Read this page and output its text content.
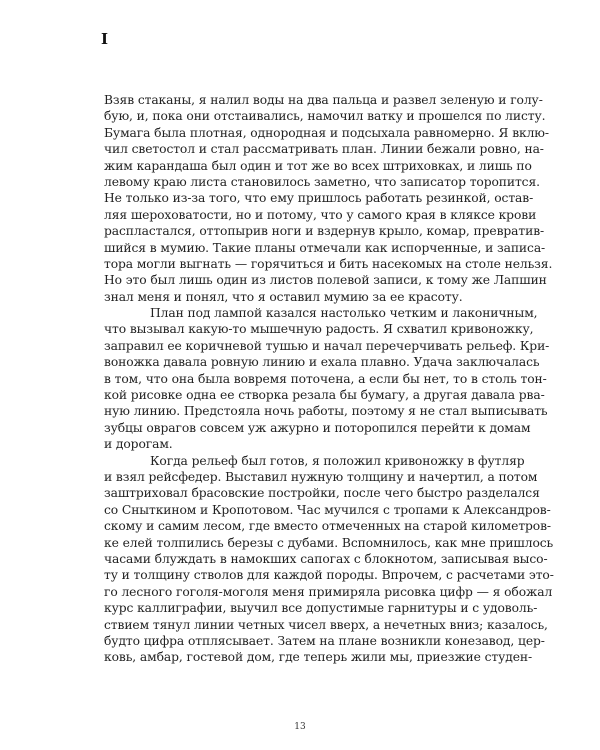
I
Взяв стаканы, я налил воды на два пальца и развел зеленую и голу-
бую, и, пока они отстаивались, намочил ватку и прошелся по листу.
Бумага была плотная, однородная и подсыхала равномерно. Я вклю-
чил светостол и стал рассматривать план. Линии бежали ровно, на-
жим карандаша был один и тот же во всех штриховках, и лишь по
левому краю листа становилось заметно, что записатор торопится.
Не только из-за того, что ему пришлось работать резинкой, остав-
ляя шероховатости, но и потому, что у самого края в кляксе крови
распластался, оттопырив ноги и вздернув крыло, комар, превратив-
шийся в мумию. Такие планы отмечали как испорченные, и записа-
тора могли выгнать — горячиться и бить насекомых на столе нельзя.
Но это был лишь один из листов полевой записи, к тому же Лапшин
знал меня и понял, что я оставил мумию за ее красоту.
План под лампой казался настолько четким и лаконичным,
что вызывал какую-то мышечную радость. Я схватил кривоножку,
заправил ее коричневой тушью и начал перечерчивать рельеф. Кри-
воножка давала ровную линию и ехала плавно. Удача заключалась
в том, что она была вовремя поточена, а если бы нет, то в столь тон-
кой рисовке одна ее створка резала бы бумагу, а другая давала рва-
ную линию. Предстояла ночь работы, поэтому я не стал выписывать
зубцы оврагов совсем уж ажурно и поторопился перейти к домам
и дорогам.
Когда рельеф был готов, я положил кривоножку в футляр
и взял рейсфедер. Выставил нужную толщину и начертил, а потом
заштриховал брасовские постройки, после чего быстро разделался
со Сныткином и Кропотовом. Час мучился с тропами к Александров-
скому и самим лесом, где вместо отмеченных на старой километров-
ке елей толпились березы с дубами. Вспомнилось, как мне пришлось
часами блуждать в намокших сапогах с блокнотом, записывая высо-
ту и толщину стволов для каждой породы. Впрочем, с расчетами это-
го лесного гоголя-моголя меня примиряла рисовка цифр — я обожал
курс каллиграфии, выучил все допустимые гарнитуры и с удоволь-
ствием тянул линии четных чисел вверх, а нечетных вниз; казалось,
будто цифра отплясывает. Затем на плане возникли конезавод, цер-
ковь, амбар, гостевой дом, где теперь жили мы, приезжие студен-
13
